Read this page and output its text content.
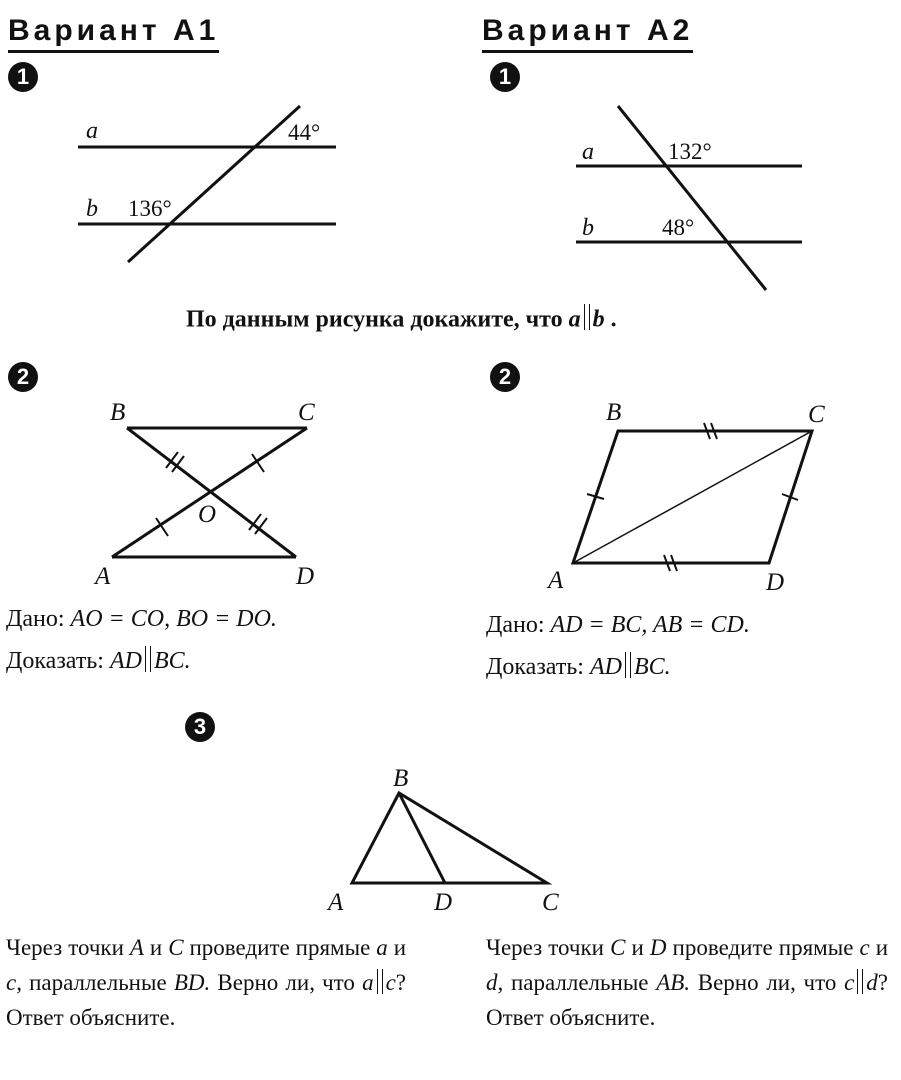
Вариант А1	Вариант А2
1	1
2	2
3
a
b
44°
136°
a
b
132°
48°
B	C
A	D
O
B	C
A	D
B
A	D	C
По данным рисунка докажите, что a b .
Дано: AO = CO, BO = DO.
Доказать: AD BC.
Дано: AD = BC, AB = CD.
Доказать: AD BC.
Через точки A и C проведите прямые a и c, параллельные BD. Верно ли, что a c? Ответ объясните.
Через точки C и D проведите прямые c и d, параллельные AB. Верно ли, что c d? Ответ объясните.
